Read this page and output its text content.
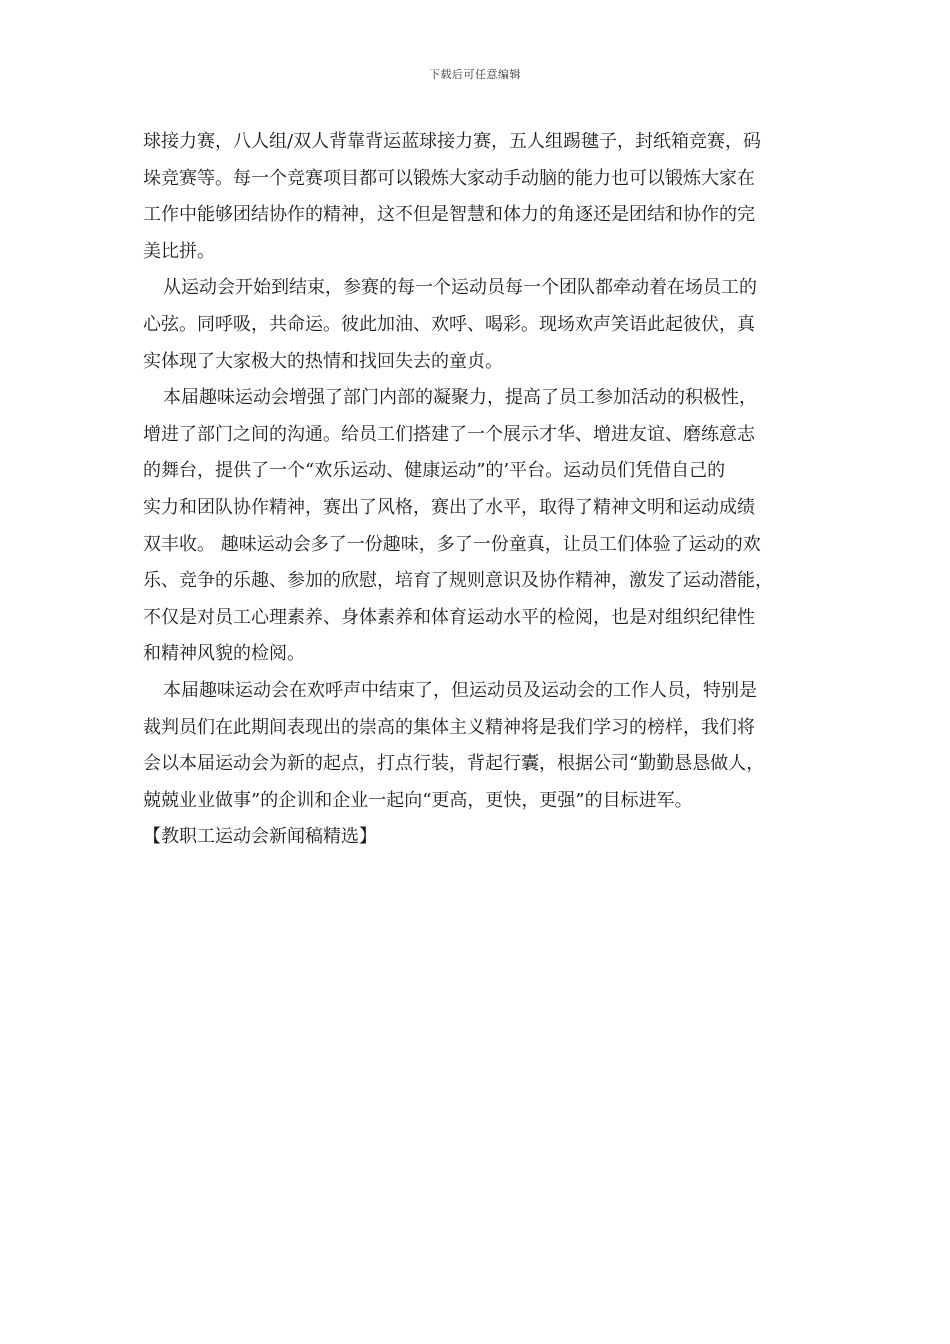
下载后可任意编辑
球接力赛，八人组/双人背靠背运蓝球接力赛，五人组踢毽子，封纸箱竞赛，码
垛竞赛等。每一个竞赛项目都可以锻炼大家动手动脑的能力也可以锻炼大家在
工作中能够团结协作的精神，这不但是智慧和体力的角逐还是团结和协作的完
美比拼。
从运动会开始到结束，参赛的每一个运动员每一个团队都牵动着在场员工的
心弦。同呼吸，共命运。彼此加油、欢呼、喝彩。现场欢声笑语此起彼伏，真
实体现了大家极大的热情和找回失去的童贞。
本届趣味运动会增强了部门内部的凝聚力，提高了员工参加活动的积极性，
增进了部门之间的沟通。给员工们搭建了一个展示才华、增进友谊、磨练意志
的舞台，提供了一个“欢乐运动、健康运动”的’平台。运动员们凭借自己的
实力和团队协作精神，赛出了风格，赛出了水平，取得了精神文明和运动成绩
双丰收。 趣味运动会多了一份趣味，多了一份童真，让员工们体验了运动的欢
乐、竞争的乐趣、参加的欣慰，培育了规则意识及协作精神，激发了运动潜能，
不仅是对员工心理素养、身体素养和体育运动水平的检阅，也是对组织纪律性
和精神风貌的检阅。
本届趣味运动会在欢呼声中结束了，但运动员及运动会的工作人员，特别是
裁判员们在此期间表现出的崇高的集体主义精神将是我们学习的榜样，我们将
会以本届运动会为新的起点，打点行装，背起行囊，根据公司“勤勤恳恳做人，
兢兢业业做事”的企训和企业一起向“更高，更快，更强”的目标进军。
【教职工运动会新闻稿精选】
